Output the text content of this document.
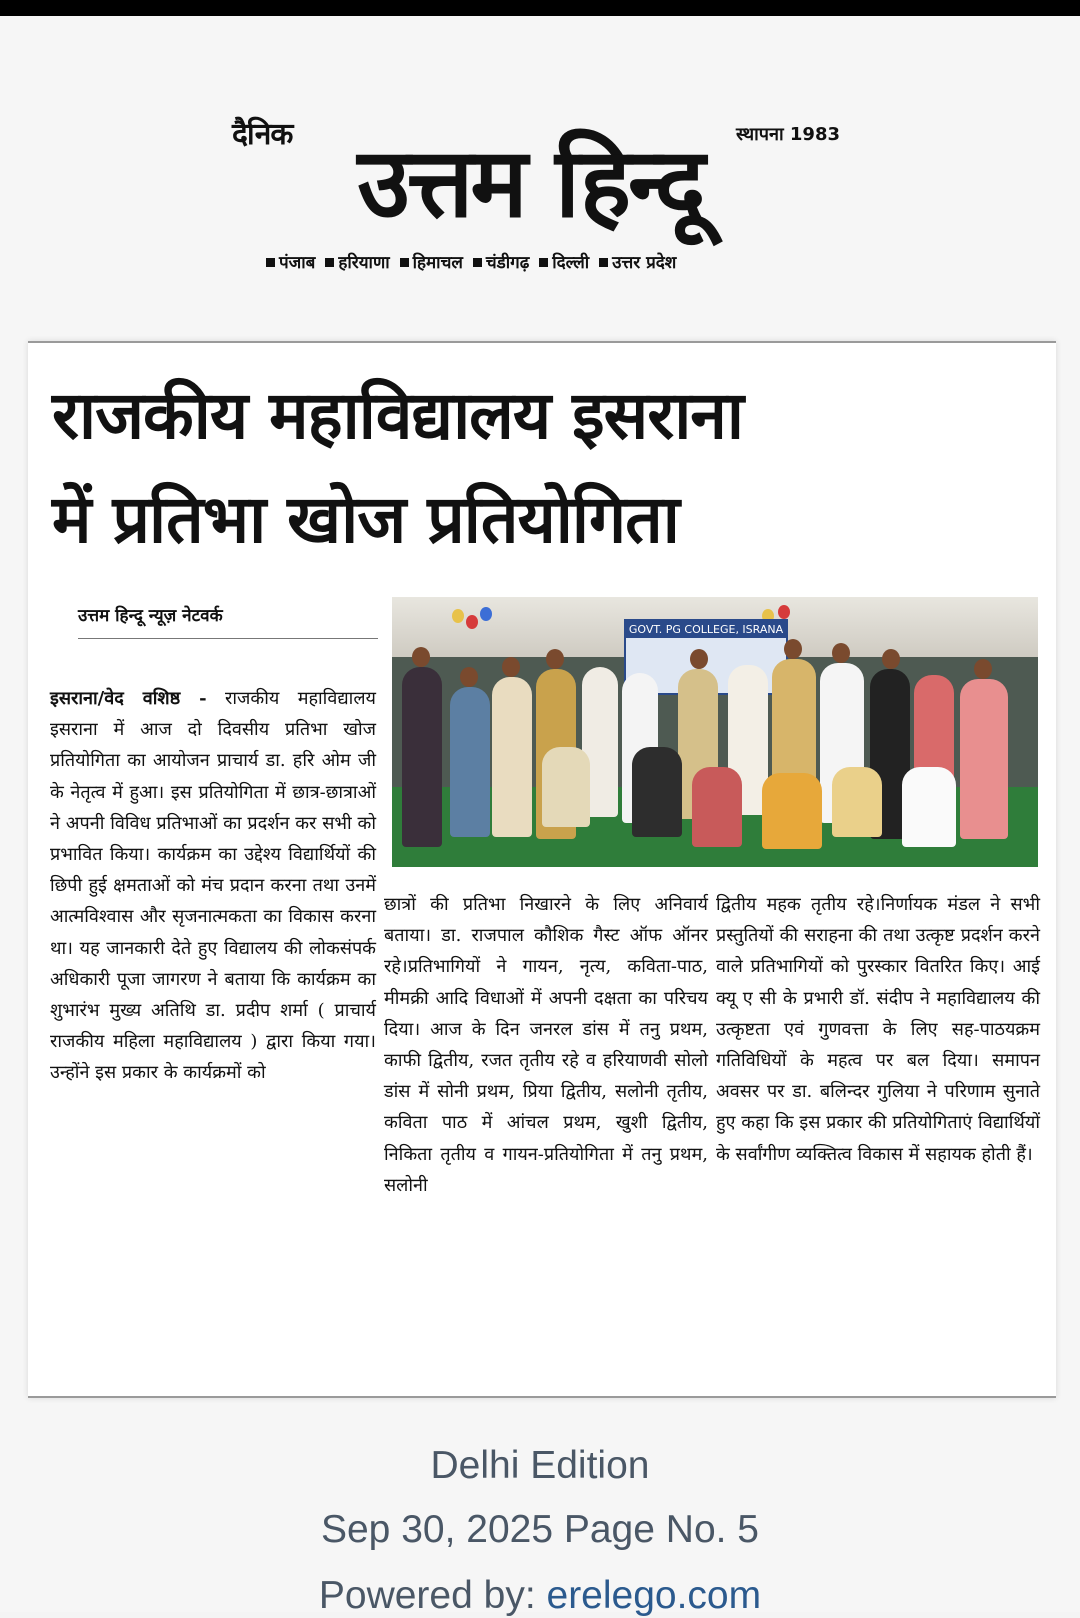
दैनिक	स्थापना 1983
उत्तम हिन्दू
पंजाब हरियाणा हिमाचल चंडीगढ़ दिल्ली उत्तर प्रदेश
राजकीय महाविद्यालय इसराना
में प्रतिभा खोज प्रतियोगिता
उत्तम हिन्दू न्यूज़ नेटवर्क
इसराना/वेद वशिष्ठ - राजकीय महाविद्यालय इसराना में आज दो दिवसीय प्रतिभा खोज प्रतियोगिता का आयोजन प्राचार्य डा. हरि ओम जी के नेतृत्व में हुआ। इस प्रतियोगिता में छात्र-छात्राओं ने अपनी विविध प्रतिभाओं का प्रदर्शन कर सभी को प्रभावित किया। कार्यक्रम का उद्देश्य विद्यार्थियों की छिपी हुई क्षमताओं को मंच प्रदान करना तथा उनमें आत्मविश्वास और सृजनात्मकता का विकास करना था। यह जानकारी देते हुए विद्यालय की लोकसंपर्क अधिकारी पूजा जागरण ने बताया कि कार्यक्रम का शुभारंभ मुख्य अतिथि डा. प्रदीप शर्मा ( प्राचार्य राजकीय महिला महाविद्यालय ) द्वारा किया गया। उन्होंने इस प्रकार के कार्यक्रमों को
GOVT. PG COLLEGE, ISRANA
छात्रों की प्रतिभा निखारने के लिए अनिवार्य बताया। डा. राजपाल कौशिक गैस्ट ऑफ ऑनर रहे।प्रतिभागियों ने गायन, नृत्य, कविता-पाठ, मीमक्री आदि विधाओं में अपनी दक्षता का परिचय दिया। आज के दिन जनरल डांस में तनु प्रथम, काफी द्वितीय, रजत तृतीय रहे व हरियाणवी सोलो डांस में सोनी प्रथम, प्रिया द्वितीय, सलोनी तृतीय, कविता पाठ में आंचल प्रथम, खुशी द्वितीय, निकिता तृतीय व गायन-प्रतियोगिता में तनु प्रथम, सलोनी
द्वितीय महक तृतीय रहे।निर्णायक मंडल ने सभी प्रस्तुतियों की सराहना की तथा उत्कृष्ट प्रदर्शन करने वाले प्रतिभागियों को पुरस्कार वितरित किए। आई क्यू ए सी के प्रभारी डॉ. संदीप ने महाविद्यालय की उत्कृष्टता एवं गुणवत्ता के लिए सह-पाठयक्रम गतिविधियों के महत्व पर बल दिया। समापन अवसर पर डा. बलिन्दर गुलिया ने परिणाम सुनाते हुए कहा कि इस प्रकार की प्रतियोगिताएं विद्यार्थियों के सर्वांगीण व्यक्तित्व विकास में सहायक होती हैं।
Delhi Edition
Sep 30, 2025 Page No. 5
Powered by: erelego.com
